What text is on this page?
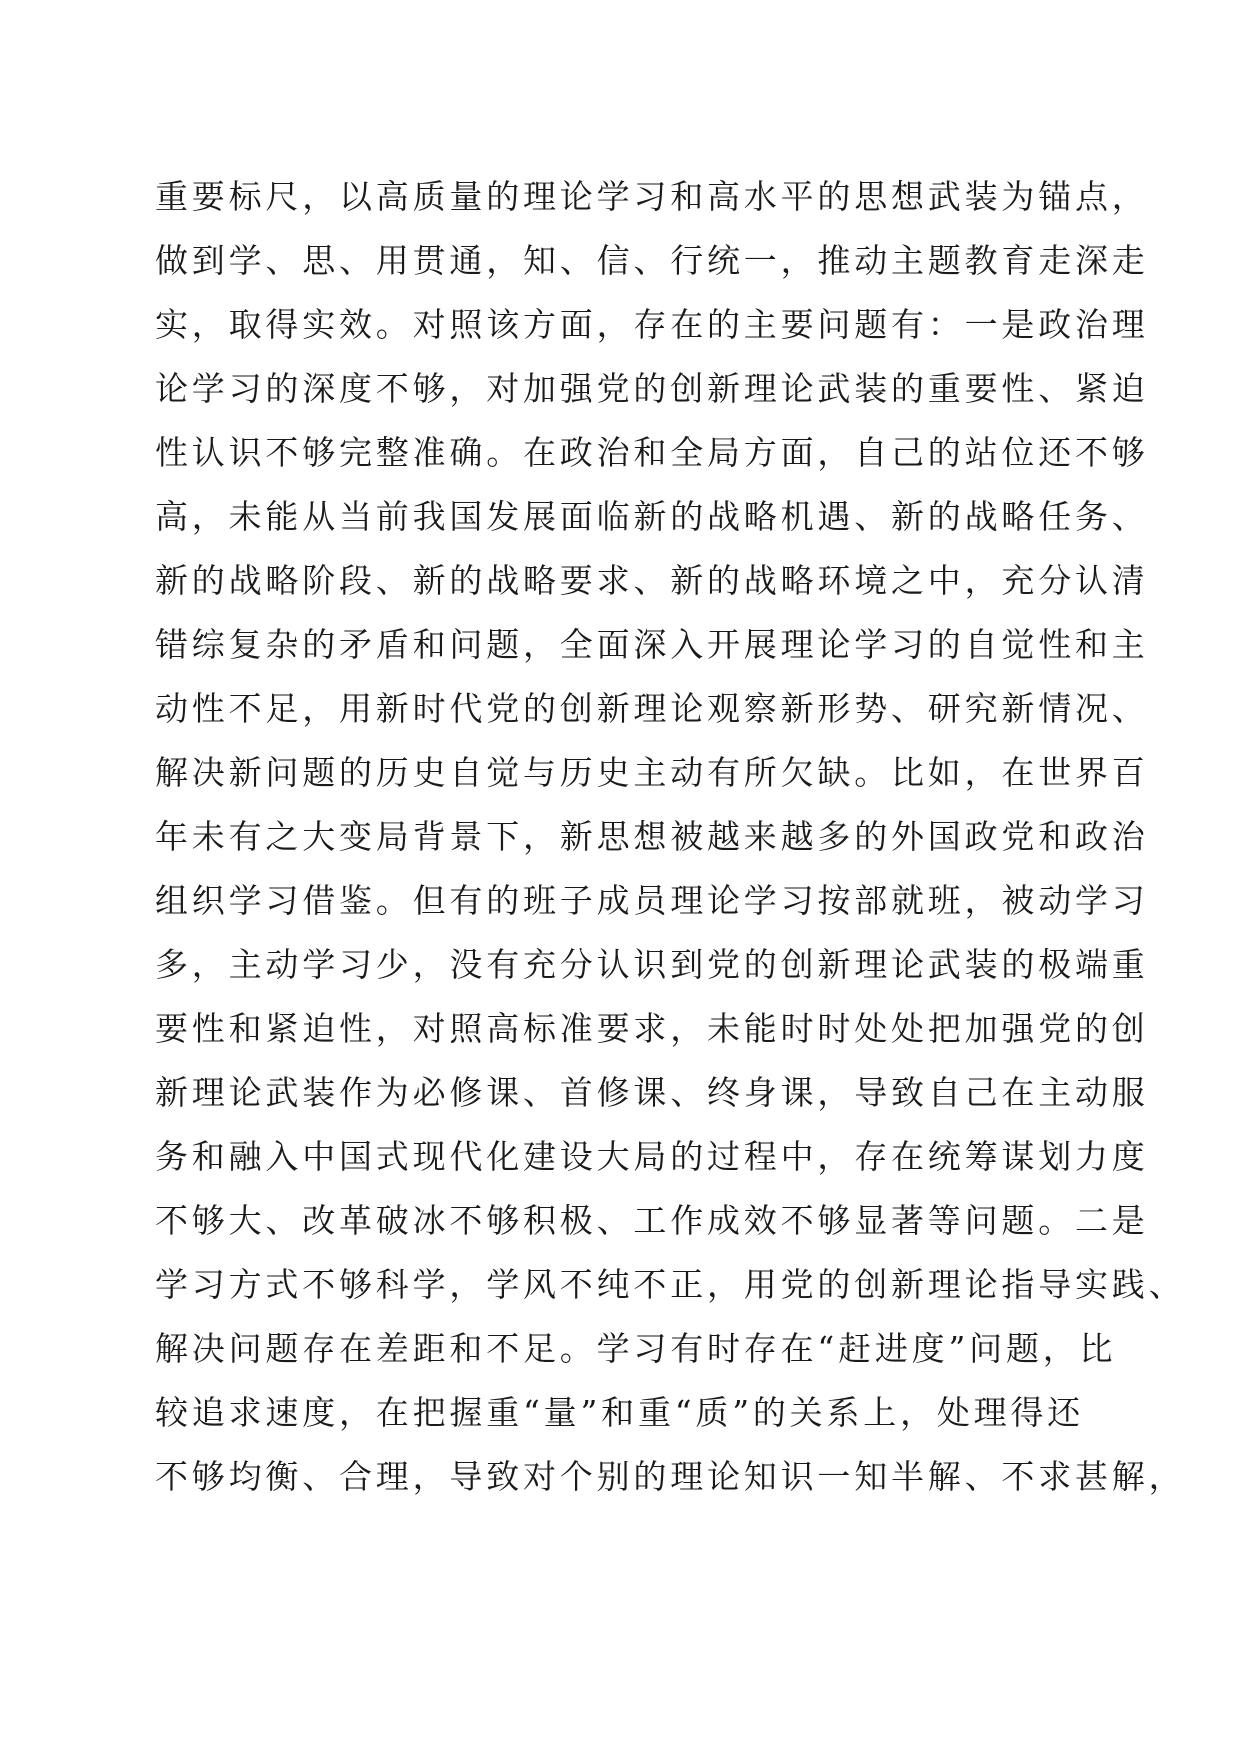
重要标尺，以高质量的理论学习和高水平的思想武装为锚点，
做到学、思、用贯通，知、信、行统一，推动主题教育走深走
实，取得实效。对照该方面，存在的主要问题有：一是政治理
论学习的深度不够，对加强党的创新理论武装的重要性、紧迫
性认识不够完整准确。在政治和全局方面，自己的站位还不够
高，未能从当前我国发展面临新的战略机遇、新的战略任务、
新的战略阶段、新的战略要求、新的战略环境之中，充分认清
错综复杂的矛盾和问题，全面深入开展理论学习的自觉性和主
动性不足，用新时代党的创新理论观察新形势、研究新情况、
解决新问题的历史自觉与历史主动有所欠缺。比如，在世界百
年未有之大变局背景下，新思想被越来越多的外国政党和政治
组织学习借鉴。但有的班子成员理论学习按部就班，被动学习
多，主动学习少，没有充分认识到党的创新理论武装的极端重
要性和紧迫性，对照高标准要求，未能时时处处把加强党的创
新理论武装作为必修课、首修课、终身课，导致自己在主动服
务和融入中国式现代化建设大局的过程中，存在统筹谋划力度
不够大、改革破冰不够积极、工作成效不够显著等问题。二是
学习方式不够科学，学风不纯不正，用党的创新理论指导实践、
解决问题存在差距和不足。学习有时存在“赶进度”问题，比
较追求速度，在把握重“量”和重“质”的关系上，处理得还
不够均衡、合理，导致对个别的理论知识一知半解、不求甚解，
